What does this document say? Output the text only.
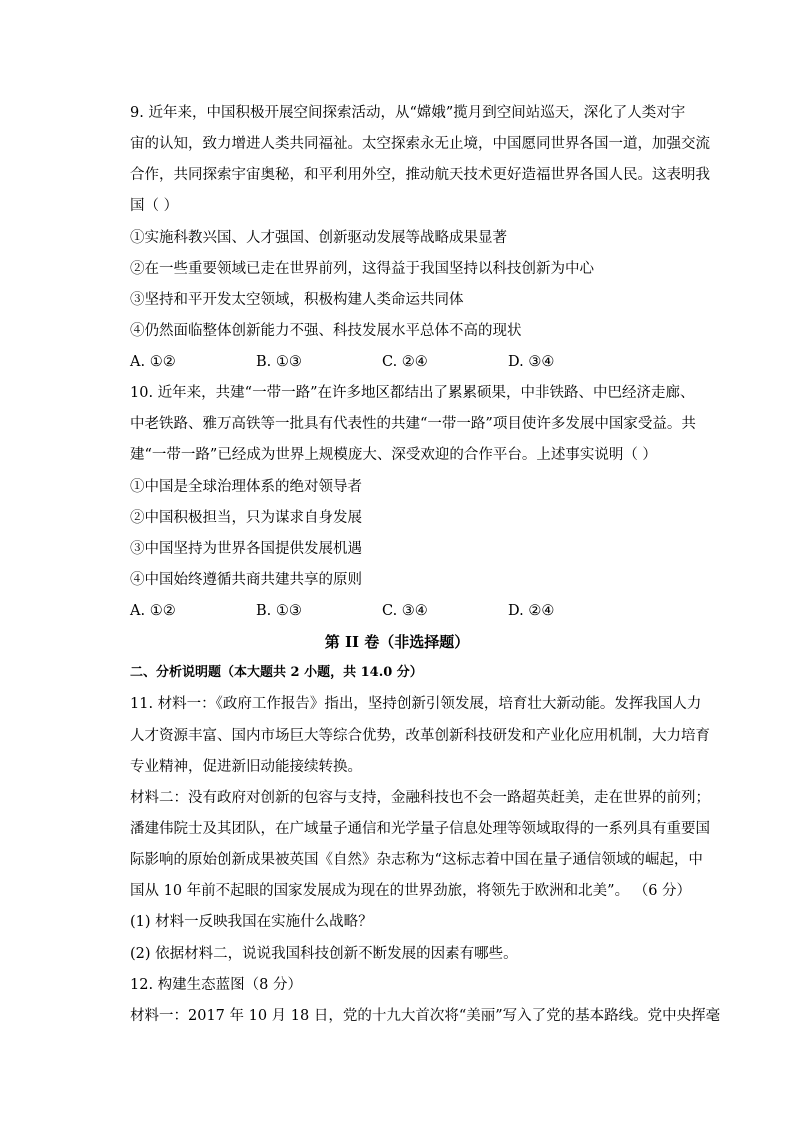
9. 近年来，中国积极开展空间探索活动，从“嫦娥”揽月到空间站巡天，深化了人类对宇
宙的认知，致力增进人类共同福祉。太空探索永无止境，中国愿同世界各国一道，加强交流
合作，共同探索宇宙奥秘，和平利用外空，推动航天技术更好造福世界各国人民。这表明我
国（ ）
①实施科教兴国、人才强国、创新驱动发展等战略成果显著
②在一些重要领域已走在世界前列，这得益于我国坚持以科技创新为中心
③坚持和平开发太空领域，积极构建人类命运共同体
④仍然面临整体创新能力不强、科技发展水平总体不高的现状
A. ①②	B. ①③	C. ②④	D. ③④
10. 近年来，共建“一带一路”在许多地区都结出了累累硕果，中非铁路、中巴经济走廊、
中老铁路、雅万高铁等一批具有代表性的共建“一带一路”项目使许多发展中国家受益。共
建“一带一路”已经成为世界上规模庞大、深受欢迎的合作平台。上述事实说明（ ）
①中国是全球治理体系的绝对领导者
②中国积极担当，只为谋求自身发展
③中国坚持为世界各国提供发展机遇
④中国始终遵循共商共建共享的原则
A. ①②	B. ①③	C. ③④	D. ②④
第 II 卷（非选择题）
二、分析说明题（本大题共 2 小题，共 14.0 分）
11. 材料一：《政府工作报告》指出，坚持创新引领发展，培育壮大新动能。发挥我国人力
人才资源丰富、国内市场巨大等综合优势，改革创新科技研发和产业化应用机制，大力培育
专业精神，促进新旧动能接续转换。
材料二：没有政府对创新的包容与支持，金融科技也不会一路超英赶美，走在世界的前列；
潘建伟院士及其团队，在广域量子通信和光学量子信息处理等领域取得的一系列具有重要国
际影响的原始创新成果被英国《自然》杂志称为“这标志着中国在量子通信领域的崛起，中
国从 10 年前不起眼的国家发展成为现在的世界劲旅，将领先于欧洲和北美”。 （6 分）
(1) 材料一反映我国在实施什么战略？
(2) 依据材料二，说说我国科技创新不断发展的因素有哪些。
12. 构建生态蓝图（8 分）
材料一：2017 年 10 月 18 日，党的十九大首次将“美丽”写入了党的基本路线。党中央挥毫
